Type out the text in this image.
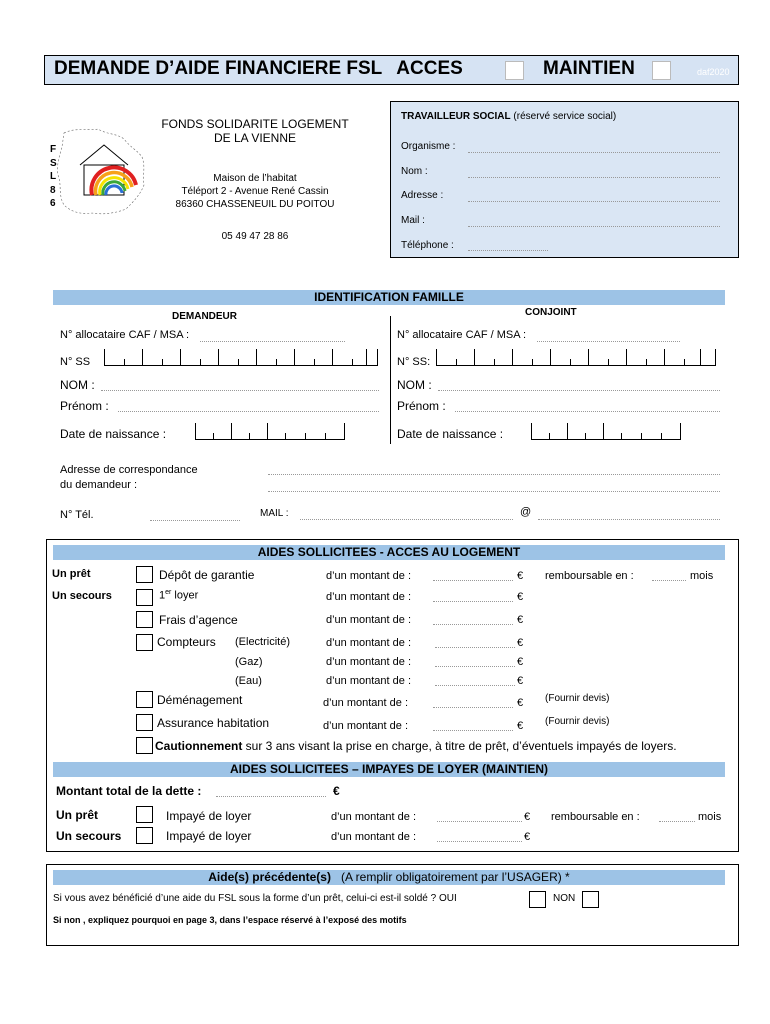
DEMANDE D’AIDE FINANCIERE FSL ACCES	MAINTIEN	daf2020
F
S
L
8
6
FONDS SOLIDARITE LOGEMENT
DE LA VIENNE
Maison de l’habitat
Téléport 2 - Avenue René Cassin
86360 CHASSENEUIL DU POITOU
05 49 47 28 86
TRAVAILLEUR SOCIAL (réservé service social)
Organisme :
Nom :
Adresse :
Mail :
Téléphone :
IDENTIFICATION FAMILLE
DEMANDEUR	CONJOINT
N° allocataire CAF / MSA :
N° SS
NOM :
Prénom :
Date de naissance :
N° allocataire CAF / MSA :
N° SS:
NOM :
Prénom :
Date de naissance :
Adresse de correspondance
du demandeur :
N° Tél.	MAIL :	@
AIDES SOLLICITEES - ACCES AU LOGEMENT
Un prêt
Un secours
Dépôt de garantie	d’un montant de :	€ remboursable en :	mois
1er loyer	d’un montant de :	€
Frais d’agence	d’un montant de :	€
Compteurs (Electricité)	d’un montant de :	€
(Gaz)	d’un montant de :	€
(Eau)	d’un montant de :	€
Déménagement	d’un montant de :	€ (Fournir devis)
Assurance habitation	d’un montant de :	€ (Fournir devis)
Cautionnement sur 3 ans visant la prise en charge, à titre de prêt, d’éventuels impayés de loyers.
AIDES SOLLICITEES – IMPAYES DE LOYER (MAINTIEN)
Montant total de la dette :	€
Un prêt	Impayé de loyer	d’un montant de :	€ remboursable en :	mois
Un secours	Impayé de loyer	d’un montant de :	€
Aide(s) précédente(s) (A remplir obligatoirement par l’USAGER) *
Si vous avez bénéficié d’une aide du FSL sous la forme d’un prêt, celui-ci est-il soldé ? OUI	NON
Si non , expliquez pourquoi en page 3, dans l’espace réservé à l’exposé des motifs
